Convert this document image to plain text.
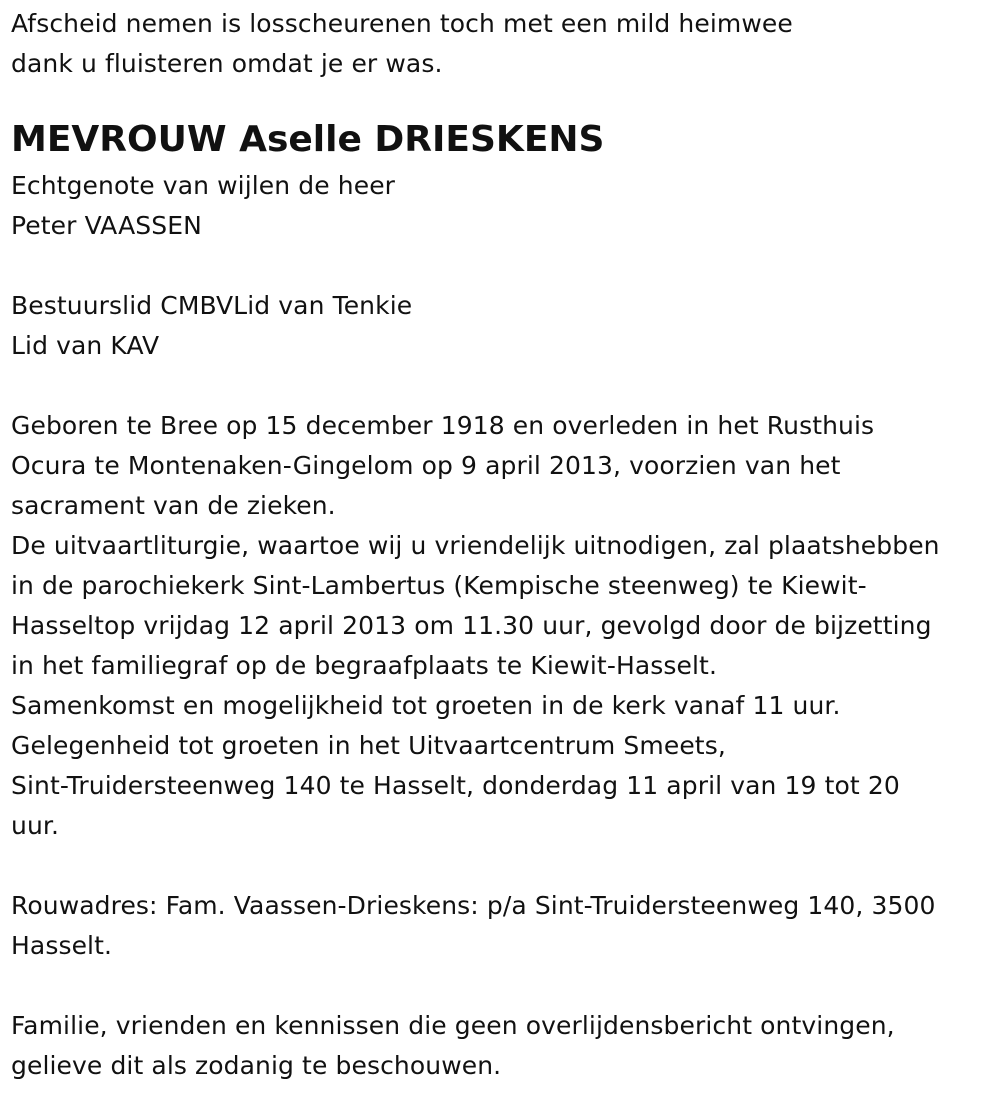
Afscheid nemen is losscheurenen toch met een mild heimwee
dank u fluisteren omdat je er was.
MEVROUW Aselle DRIESKENS
Echtgenote van wijlen de heer
Peter VAASSEN
Bestuurslid CMBVLid van Tenkie
Lid van KAV
Geboren te Bree op 15 december 1918 en overleden in het Rusthuis
Ocura te Montenaken-Gingelom op 9 april 2013, voorzien van het
sacrament van de zieken.
De uitvaartliturgie, waartoe wij u vriendelijk uitnodigen, zal plaatshebben
in de parochiekerk Sint-Lambertus (Kempische steenweg) te Kiewit-
Hasseltop vrijdag 12 april 2013 om 11.30 uur, gevolgd door de bijzetting
in het familiegraf op de begraafplaats te Kiewit-Hasselt.
Samenkomst en mogelijkheid tot groeten in de kerk vanaf 11 uur.
Gelegenheid tot groeten in het Uitvaartcentrum Smeets,
Sint-Truidersteenweg 140 te Hasselt, donderdag 11 april van 19 tot 20
uur.
Rouwadres: Fam. Vaassen-Drieskens: p/a Sint-Truidersteenweg 140, 3500
Hasselt.
Familie, vrienden en kennissen die geen overlijdensbericht ontvingen,
gelieve dit als zodanig te beschouwen.
